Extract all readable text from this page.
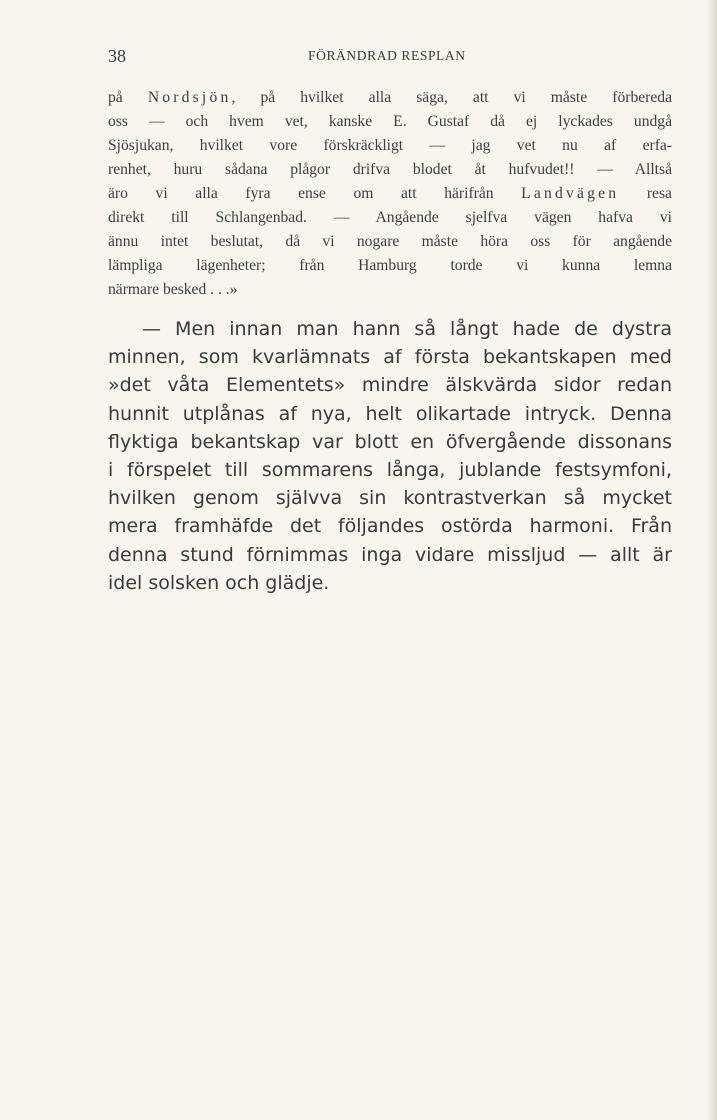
38	FÖRÄNDRAD RESPLAN
på Nordsjön, på hvilket alla säga, att vi måste förbereda
oss — och hvem vet, kanske E. Gustaf då ej lyckades undgå
Sjösjukan, hvilket vore förskräckligt — jag vet nu af erfa-
renhet, huru sådana plågor drifva blodet åt hufvudet!! — Alltså
äro vi alla fyra ense om att härifrån Landvägen resa
direkt till Schlangenbad. — Angående sjelfva vägen hafva vi
ännu intet beslutat, då vi nogare måste höra oss för angående
lämpliga lägenheter; från Hamburg torde vi kunna lemna
närmare besked . . .»
— Men innan man hann så långt hade de dystra
minnen, som kvarlämnats af första bekantskapen med
»det våta Elementets» mindre älskvärda sidor redan
hunnit utplånas af nya, helt olikartade intryck. Denna
flyktiga bekantskap var blott en öfvergående dissonans
i förspelet till sommarens långa, jublande festsymfoni,
hvilken genom självva sin kontrastverkan så mycket
mera framhäfde det följandes ostörda harmoni. Från
denna stund förnimmas inga vidare missljud — allt är
idel solsken och glädje.
